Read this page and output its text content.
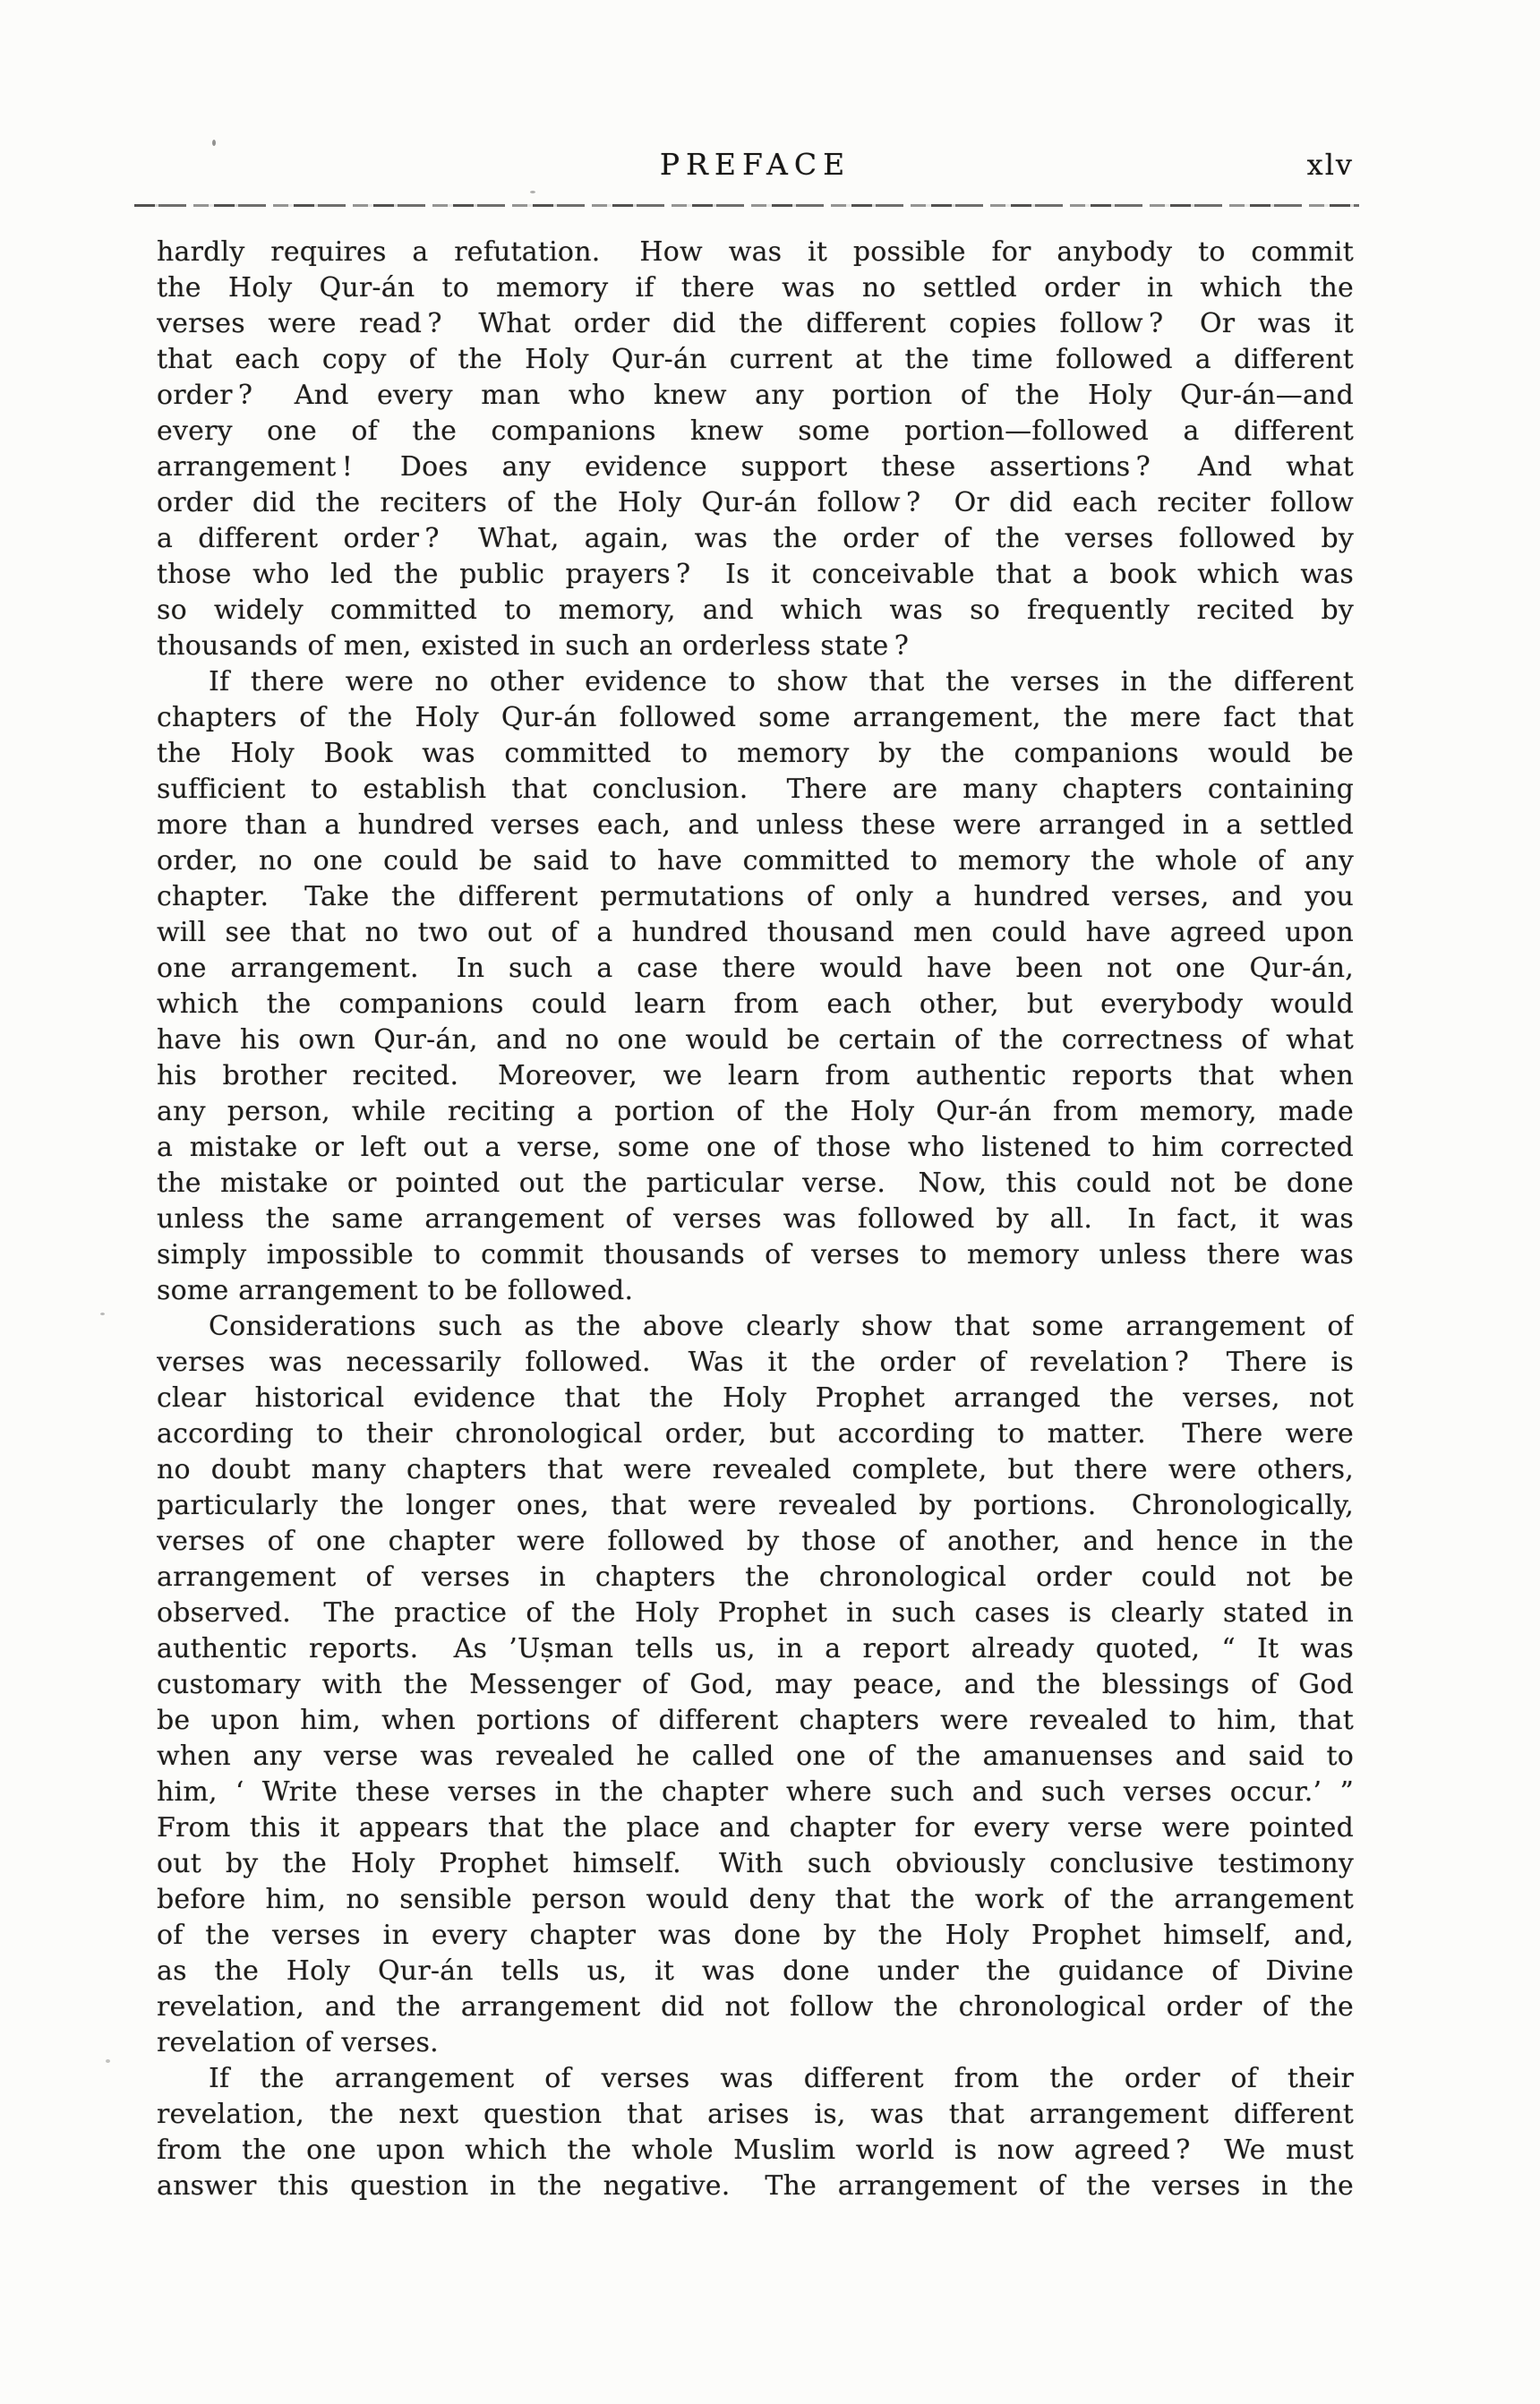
PREFACE	xlv
hardly requires a refutation.  How was it possible for anybody to commit
the Holy Qur-án to memory if there was no settled order in which the
verses were read ?  What order did the different copies follow ?  Or was it
that each copy of the Holy Qur-án current at the time followed a different
order ?  And every man who knew any portion of the Holy Qur-án—and
every one of the companions knew some portion—followed a different
arrangement !  Does any evidence support these assertions ?  And what
order did the reciters of the Holy Qur-án follow ?  Or did each reciter follow
a different order ?  What, again, was the order of the verses followed by
those who led the public prayers ?  Is it conceivable that a book which was
so widely committed to memory, and which was so frequently recited by
thousands of men, existed in such an orderless state ?
If there were no other evidence to show that the verses in the different
chapters of the Holy Qur-án followed some arrangement, the mere fact that
the Holy Book was committed to memory by the companions would be
sufficient to establish that conclusion.  There are many chapters containing
more than a hundred verses each, and unless these were arranged in a settled
order, no one could be said to have committed to memory the whole of any
chapter.  Take the different permutations of only a hundred verses, and you
will see that no two out of a hundred thousand men could have agreed upon
one arrangement.  In such a case there would have been not one Qur-án,
which the companions could learn from each other, but everybody would
have his own Qur-án, and no one would be certain of the correctness of what
his brother recited.  Moreover, we learn from authentic reports that when
any person, while reciting a portion of the Holy Qur-án from memory, made
a mistake or left out a verse, some one of those who listened to him corrected
the mistake or pointed out the particular verse.  Now, this could not be done
unless the same arrangement of verses was followed by all.  In fact, it was
simply impossible to commit thousands of verses to memory unless there was
some arrangement to be followed.
Considerations such as the above clearly show that some arrangement of
verses was necessarily followed.  Was it the order of revelation ?  There is
clear historical evidence that the Holy Prophet arranged the verses, not
according to their chronological order, but according to matter.  There were
no doubt many chapters that were revealed complete, but there were others,
particularly the longer ones, that were revealed by portions.  Chronologically,
verses of one chapter were followed by those of another, and hence in the
arrangement of verses in chapters the chronological order could not be
observed.  The practice of the Holy Prophet in such cases is clearly stated in
authentic reports.  As ’Uṣman tells us, in a report already quoted, “ It was
customary with the Messenger of God, may peace, and the blessings of God
be upon him, when portions of different chapters were revealed to him, that
when any verse was revealed he called one of the amanuenses and said to
him, ‘ Write these verses in the chapter where such and such verses occur.’ ”
From this it appears that the place and chapter for every verse were pointed
out by the Holy Prophet himself.  With such obviously conclusive testimony
before him, no sensible person would deny that the work of the arrangement
of the verses in every chapter was done by the Holy Prophet himself, and,
as the Holy Qur-án tells us, it was done under the guidance of Divine
revelation, and the arrangement did not follow the chronological order of the
revelation of verses.
If the arrangement of verses was different from the order of their
revelation, the next question that arises is, was that arrangement different
from the one upon which the whole Muslim world is now agreed ?  We must
answer this question in the negative.  The arrangement of the verses in the
